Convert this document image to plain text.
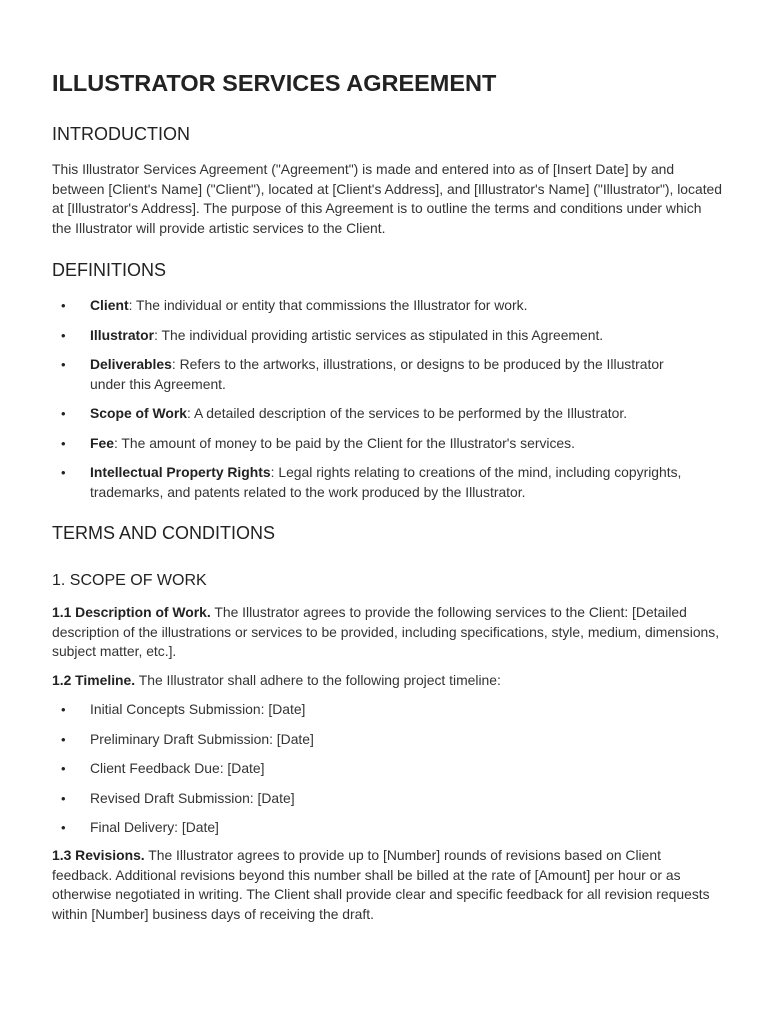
ILLUSTRATOR SERVICES AGREEMENT
INTRODUCTION

This Illustrator Services Agreement ("Agreement") is made and entered into as of [Insert Date] by and between [Client's Name] ("Client"), located at [Client's Address], and [Illustrator's Name] ("Illustrator"), located at [Illustrator's Address]. The purpose of this Agreement is to outline the terms and conditions under which the Illustrator will provide artistic services to the Client.

DEFINITIONS
• Client: The individual or entity that commissions the Illustrator for work.
• Illustrator: The individual providing artistic services as stipulated in this Agreement.
• Deliverables: Refers to the artworks, illustrations, or designs to be produced by the Illustrator under this Agreement.
• Scope of Work: A detailed description of the services to be performed by the Illustrator.
• Fee: The amount of money to be paid by the Client for the Illustrator's services.
• Intellectual Property Rights: Legal rights relating to creations of the mind, including copyrights, trademarks, and patents related to the work produced by the Illustrator.
TERMS AND CONDITIONS
1. SCOPE OF WORK

1.1 Description of Work. The Illustrator agrees to provide the following services to the Client: [Detailed description of the illustrations or services to be provided, including specifications, style, medium, dimensions, subject matter, etc.].

1.2 Timeline. The Illustrator shall adhere to the following project timeline:

• Initial Concepts Submission: [Date]
• Preliminary Draft Submission: [Date]
• Client Feedback Due: [Date]
• Revised Draft Submission: [Date]
• Final Delivery: [Date]

1.3 Revisions. The Illustrator agrees to provide up to [Number] rounds of revisions based on Client feedback. Additional revisions beyond this number shall be billed at the rate of [Amount] per hour or as otherwise negotiated in writing. The Client shall provide clear and specific feedback for all revision requests within [Number] business days of receiving the draft.
